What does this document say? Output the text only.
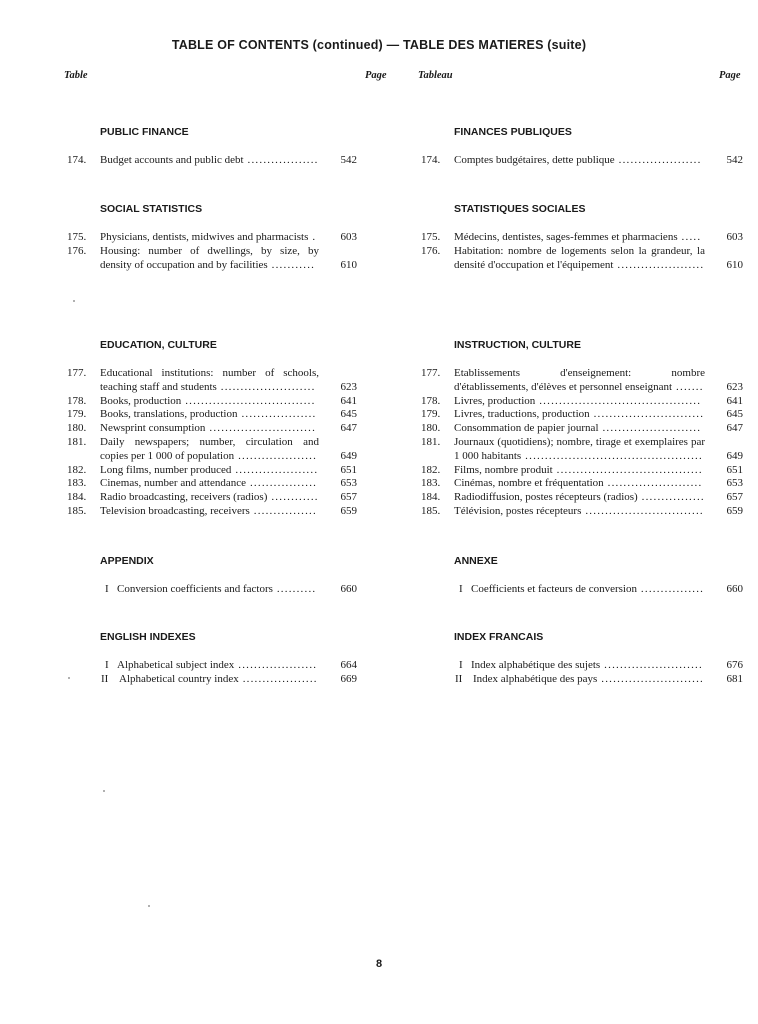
TABLE OF CONTENTS (continued) — TABLE DES MATIERES (suite)
Table	Page	Tableau	Page
PUBLIC FINANCE
174.	Budget accounts and public debt ..................	542
SOCIAL STATISTICS
175.	Physicians, dentists, midwives and pharmacists .	603
176.	Housing: number of dwellings, by size, by density of occupation and by facilities ...........	610
EDUCATION, CULTURE
177.	Educational institutions: number of schools, teaching staff and students ........................	623
178.	Books, production .................................	641
179.	Books, translations, production ...................	645
180.	Newsprint consumption ...........................	647
181.	Daily newspapers; number, circulation and copies per 1 000 of population ....................	649
182.	Long films, number produced .....................	651
183.	Cinemas, number and attendance .................	653
184.	Radio broadcasting, receivers (radios) ............	657
185.	Television broadcasting, receivers ................	659
APPENDIX
I Conversion coefficients and factors ..........	660
ENGLISH INDEXES
I Alphabetical subject index ....................	664
II Alphabetical country index ...................	669
FINANCES PUBLIQUES
174.	Comptes budgétaires, dette publique .....................	542
STATISTIQUES SOCIALES
175.	Médecins, dentistes, sages-femmes et pharmaciens .....	603
176.	Habitation: nombre de logements selon la grandeur, la densité d'occupation et l'équipement ......................	610
INSTRUCTION, CULTURE
177.	Etablissements d'enseignement: nombre d'établissements, d'élèves et personnel enseignant .......	623
178.	Livres, production .........................................	641
179.	Livres, traductions, production ............................	645
180.	Consommation de papier journal .........................	647
181.	Journaux (quotidiens); nombre, tirage et exemplaires par 1 000 habitants .............................................	649
182.	Films, nombre produit .....................................	651
183.	Cinémas, nombre et fréquentation ........................	653
184.	Radiodiffusion, postes récepteurs (radios) ................	657
185.	Télévision, postes récepteurs ..............................	659
ANNEXE
I Coefficients et facteurs de conversion ................	660
INDEX FRANCAIS
I Index alphabétique des sujets .........................	676
II Index alphabétique des pays ..........................	681
8
